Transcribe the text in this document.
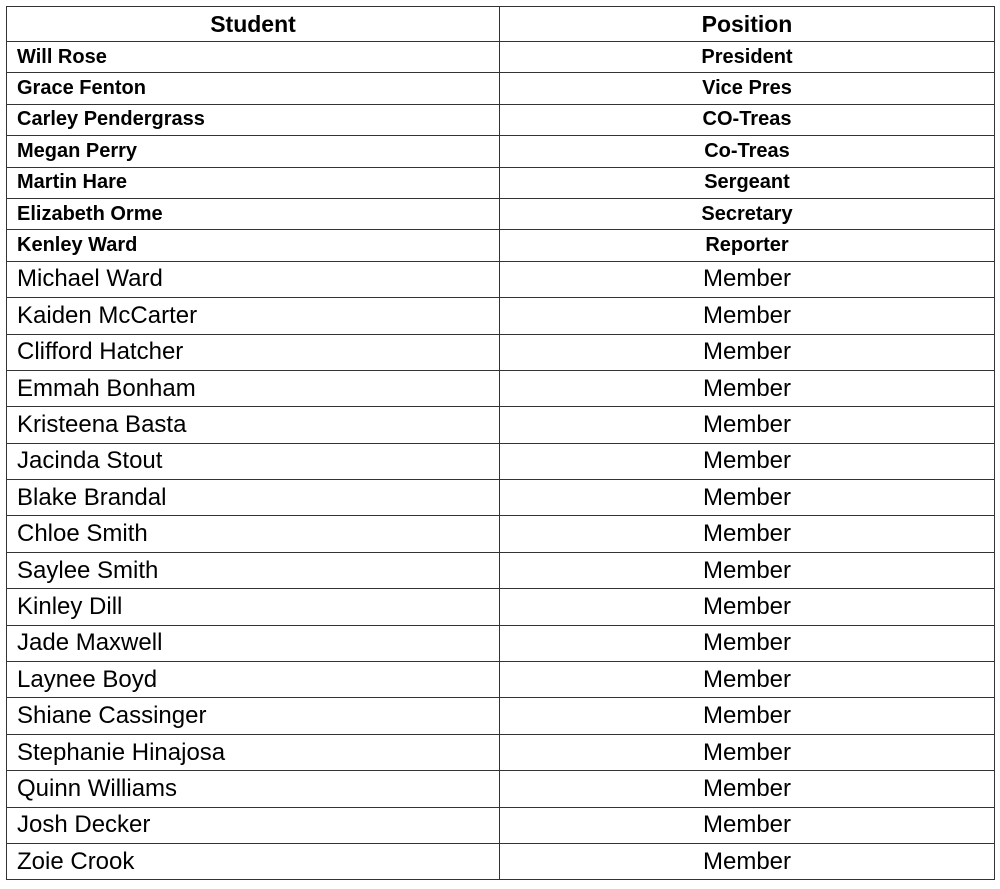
Student	Position
Will Rose	President
Grace Fenton	Vice Pres
Carley Pendergrass	CO-Treas
Megan Perry	Co-Treas
Martin Hare	Sergeant
Elizabeth Orme	Secretary
Kenley Ward	Reporter
Michael Ward	Member
Kaiden McCarter	Member
Clifford Hatcher	Member
Emmah Bonham	Member
Kristeena Basta	Member
Jacinda Stout	Member
Blake Brandal	Member
Chloe Smith	Member
Saylee Smith	Member
Kinley Dill	Member
Jade Maxwell	Member
Laynee Boyd	Member
Shiane Cassinger	Member
Stephanie Hinajosa	Member
Quinn Williams	Member
Josh Decker	Member
Zoie Crook	Member
